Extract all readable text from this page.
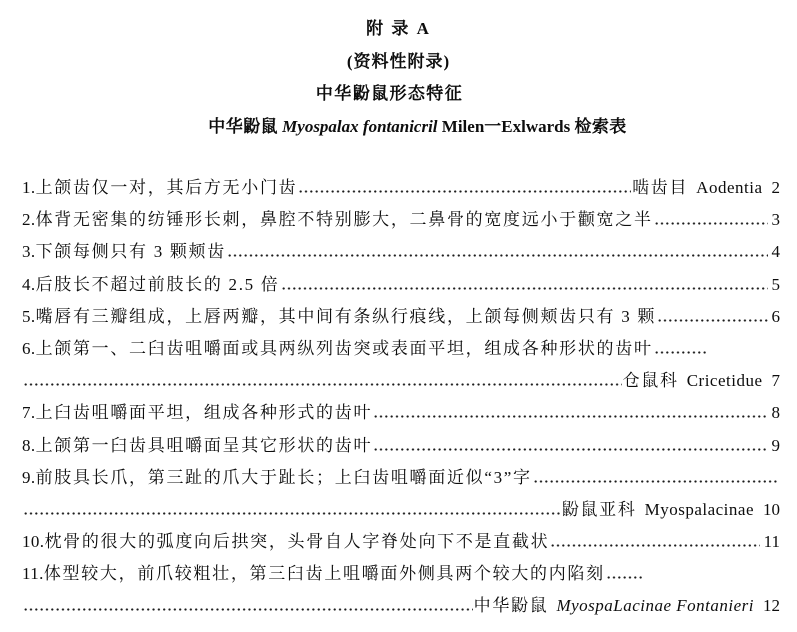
附 录 A
(资料性附录)
中华鼢鼠形态特征
中华鼢鼠 Myospalax fontanicril Milen一Exlwards 检索表
1. 上颌齿仅一对，其后方无小门齿	啮齿目 Aodentia 2
2. 体背无密集的纺锤形长刺，鼻腔不特别膨大，二鼻骨的宽度远小于颧宽之半	3
3. 下颌每侧只有 3 颗颊齿	4
4. 后肢长不超过前肢长的 2.5 倍	5
5. 嘴唇有三瓣组成，上唇两瓣，其中间有条纵行痕线，上颌每侧颊齿只有 3 颗	6
6. 上颌第一、二臼齿咀嚼面或具两纵列齿突或表面平坦，组成各种形状的齿叶
仓鼠科 Cricetidue 7
7. 上臼齿咀嚼面平坦，组成各种形式的齿叶	8
8. 上颌第一臼齿具咀嚼面呈其它形状的齿叶	9
9. 前肢具长爪，第三趾的爪大于趾长；上臼齿咀嚼面近似“3”字
鼢鼠亚科 Myospalacinae 10
10. 枕骨的很大的弧度向后拱突，头骨自人字脊处向下不是直截状	11
11. 体型较大，前爪较粗壮，第三臼齿上咀嚼面外侧具两个较大的内陷刻
中华鼢鼠 MyospaLacinae Fontanieri 12
